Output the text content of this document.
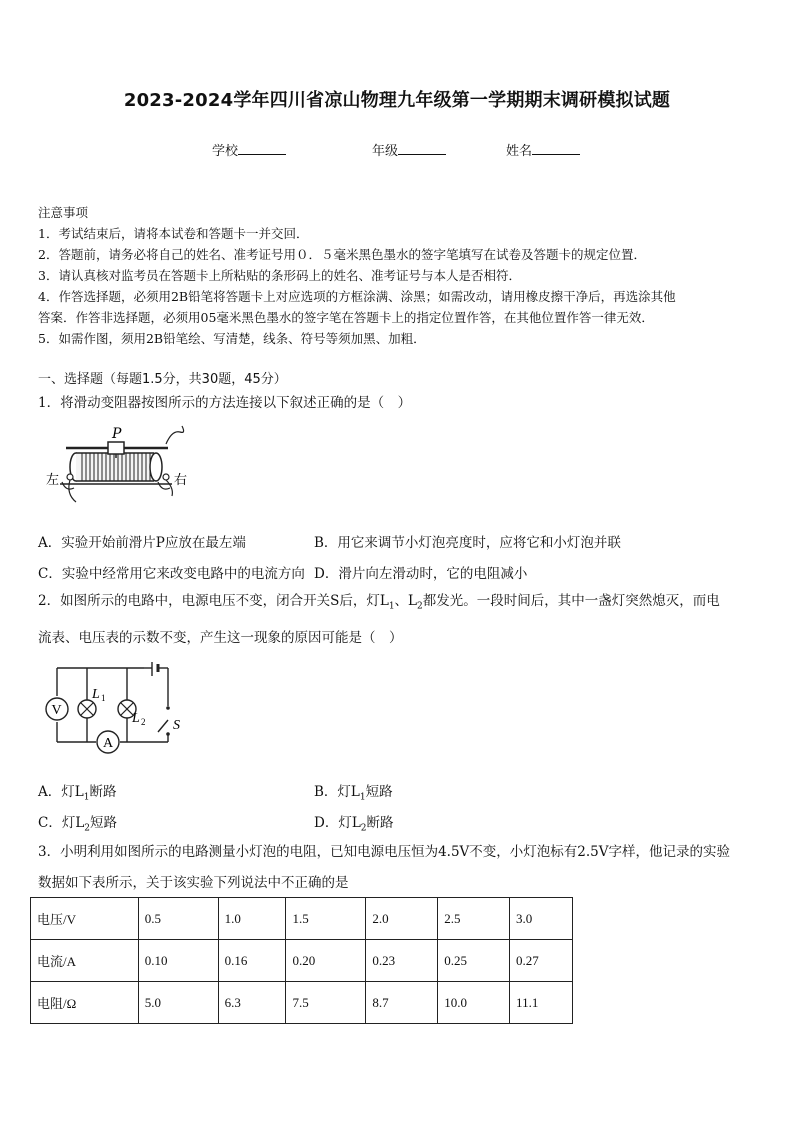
2023-2024学年四川省凉山物理九年级第一学期期末调研模拟试题
学校	年级	姓名
注意事项
1．考试结束后，请将本试卷和答题卡一并交回．
2．答题前，请务必将自己的姓名、准考证号用０．５毫米黑色墨水的签字笔填写在试卷及答题卡的规定位置．
3．请认真核对监考员在答题卡上所粘贴的条形码上的姓名、准考证号与本人是否相符．
4．作答选择题，必须用2B铅笔将答题卡上对应选项的方框涂满、涂黑；如需改动，请用橡皮擦干净后，再选涂其他
答案．作答非选择题，必须用05毫米黑色墨水的签字笔在答题卡上的指定位置作答，在其他位置作答一律无效．
5．如需作图，须用2B铅笔绘、写清楚，线条、符号等须加黑、加粗．
一、选择题（每题1.5分，共30题，45分）
1．将滑动变阻器按图所示的方法连接以下叙述正确的是（　）
P
左	右
A．实验开始前滑片P应放在最左端	B．用它来调节小灯泡亮度时，应将它和小灯泡并联
C．实验中经常用它来改变电路中的电流方向 D．滑片向左滑动时，它的电阻减小
2．如图所示的电路中，电源电压不变，闭合开关S后，灯$L_1$、$L_2$都发光。一段时间后，其中一盏灯突然熄灭，而电
流表、电压表的示数不变，产生这一现象的原因可能是（　）
V
A
L 1
L 2 S
A．灯$L_1$断路	B．灯$L_1$短路
C．灯$L_2$短路	D．灯$L_2$断路
3．小明利用如图所示的电路测量小灯泡的电阻，已知电源电压恒为4.5V不变，小灯泡标有2.5V字样，他记录的实验
数据如下表所示，关于该实验下列说法中不正确的是
电压/V	0.5	1.0	1.5	2.0	2.5	3.0
电流/A	0.10	0.16	0.20	0.23	0.25	0.27
电阻/Ω	5.0	6.3	7.5	8.7	10.0	11.1
